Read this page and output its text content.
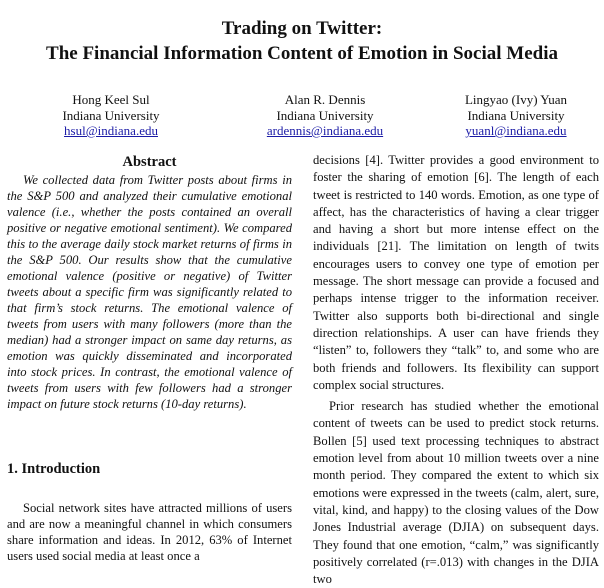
Trading on Twitter:
The Financial Information Content of Emotion in Social Media
Hong Keel Sul
Indiana University
hsul@indiana.edu
Alan R. Dennis
Indiana University
ardennis@indiana.edu
Lingyao (Ivy) Yuan
Indiana University
yuanl@indiana.edu
Abstract

We collected data from Twitter posts about firms in the S&P 500 and analyzed their cumulative emotional valence (i.e., whether the posts contained an overall positive or negative emotional sentiment). We compared this to the average daily stock market returns of firms in the S&P 500. Our results show that the cumulative emotional valence (positive or negative) of Twitter tweets about a specific firm was significantly related to that firm’s stock returns. The emotional valence of tweets from users with many followers (more than the median) had a stronger impact on same day returns, as emotion was quickly disseminated and incorporated into stock prices. In contrast, the emotional valence of tweets from users with few followers had a stronger impact on future stock returns (10-day returns).

1. Introduction

Social network sites have attracted millions of users and are now a meaningful channel in which consumers share information and ideas. In 2012, 63% of Internet users used social media at least once a

decisions [4]. Twitter provides a good environment to foster the sharing of emotion [6]. The length of each tweet is restricted to 140 words. Emotion, as one type of affect, has the characteristics of having a clear trigger and having a short but more intense effect on the individuals [21]. The limitation on length of twits encourages users to convey one type of emotion per message. The short message can provide a focused and perhaps intense trigger to the information receiver. Twitter also supports both bi-directional and single direction relationships. A user can have friends they “listen” to, followers they “talk” to, and some who are both friends and followers. Its flexibility can support complex social structures.

Prior research has studied whether the emotional content of tweets can be used to predict stock returns. Bollen [5] used text processing techniques to abstract emotion level from about 10 million tweets over a nine month period. They compared the extent to which six emotions were expressed in the tweets (calm, alert, sure, vital, kind, and happy) to the closing values of the Dow Jones Industrial average (DJIA) on subsequent days. They found that one emotion, “calm,” was significantly positively correlated (r=.013) with changes in the DJIA two
